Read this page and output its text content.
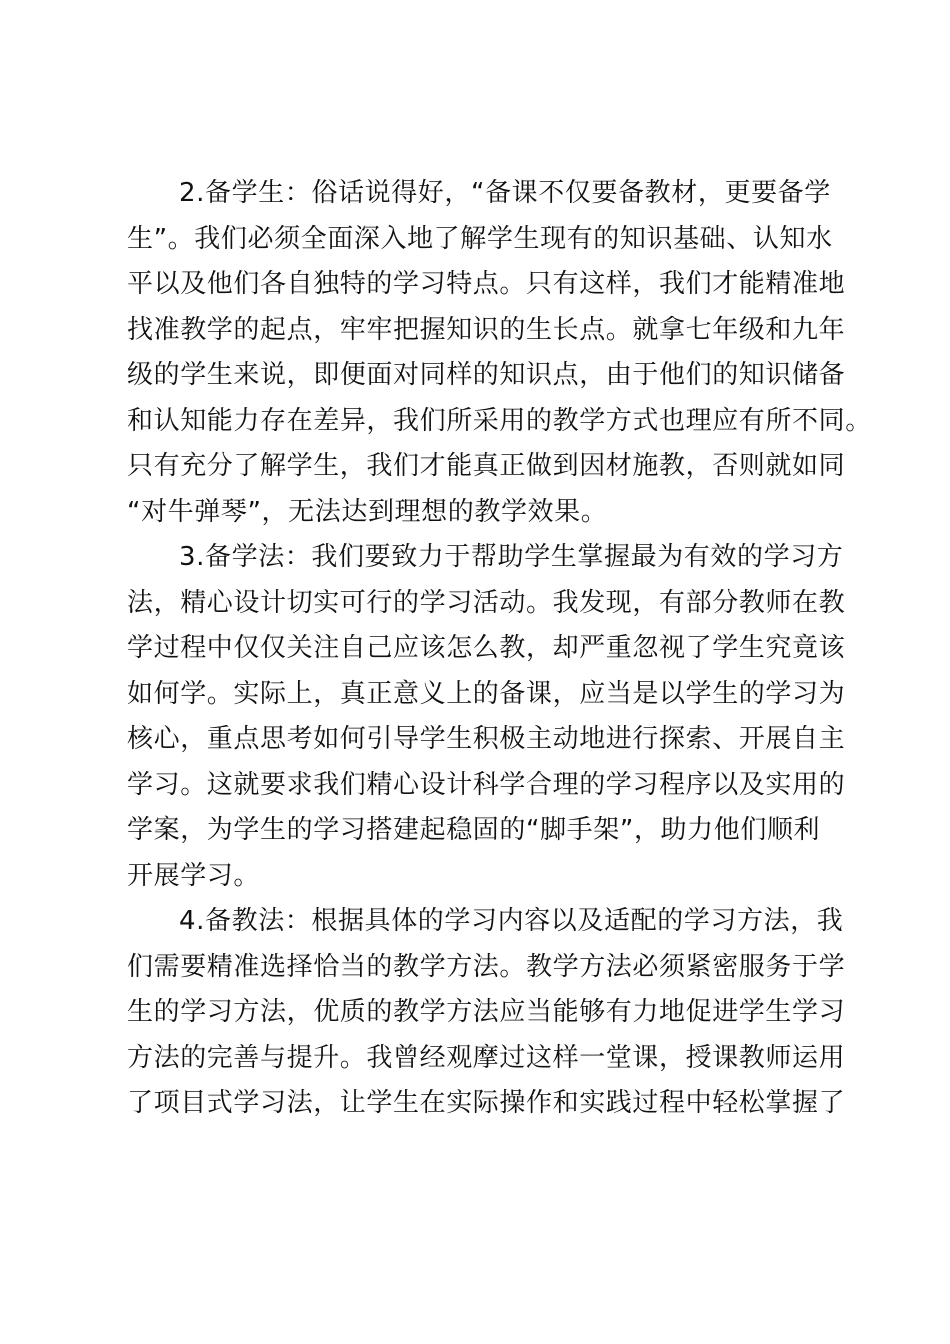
2.备学生：俗话说得好，“备课不仅要备教材，更要备学
生”。我们必须全面深入地了解学生现有的知识基础、认知水
平以及他们各自独特的学习特点。只有这样，我们才能精准地
找准教学的起点，牢牢把握知识的生长点。就拿七年级和九年
级的学生来说，即便面对同样的知识点，由于他们的知识储备
和认知能力存在差异，我们所采用的教学方式也理应有所不同。
只有充分了解学生，我们才能真正做到因材施教，否则就如同
“对牛弹琴”，无法达到理想的教学效果。
3.备学法：我们要致力于帮助学生掌握最为有效的学习方
法，精心设计切实可行的学习活动。我发现，有部分教师在教
学过程中仅仅关注自己应该怎么教，却严重忽视了学生究竟该
如何学。实际上，真正意义上的备课，应当是以学生的学习为
核心，重点思考如何引导学生积极主动地进行探索、开展自主
学习。这就要求我们精心设计科学合理的学习程序以及实用的
学案，为学生的学习搭建起稳固的“脚手架”，助力他们顺利
开展学习。
4.备教法：根据具体的学习内容以及适配的学习方法，我
们需要精准选择恰当的教学方法。教学方法必须紧密服务于学
生的学习方法，优质的教学方法应当能够有力地促进学生学习
方法的完善与提升。我曾经观摩过这样一堂课，授课教师运用
了项目式学习法，让学生在实际操作和实践过程中轻松掌握了
